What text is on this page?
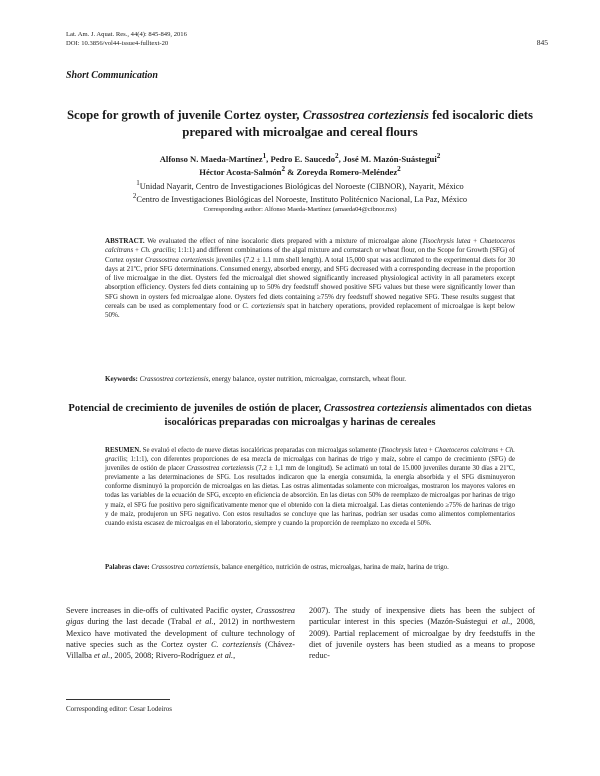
Lat. Am. J. Aquat. Res., 44(4): 845-849, 2016

DOI: 10.3856/vol44-issue4-fulltext-20	845

Short Communication

Scope for growth of juvenile Cortez oyster, Crassostrea corteziensis fed isocaloric diets prepared with microalgae and cereal flours

Alfonso N. Maeda-Martínez$^1$, Pedro E. Saucedo$^2$, José M. Mazón-Suástegui$^2$

Héctor Acosta-Salmón$^2$ & Zoreyda Romero-Meléndez$^2$

$^1$Unidad Nayarit, Centro de Investigaciones Biológicas del Noroeste (CIBNOR), Nayarit, México

$^2$Centro de Investigaciones Biológicas del Noroeste, Instituto Politécnico Nacional, La Paz, México

Corresponding author: Alfonso Maeda-Martínez (amaeda04@cibnor.mx)

ABSTRACT. We evaluated the effect of nine isocaloric diets prepared with a mixture of microalgae alone (Tisochrysis lutea + Chaetoceros calcitrans + Ch. gracilis; 1:1:1) and different combinations of the algal mixture and cornstarch or wheat flour, on the Scope for Growth (SFG) of Cortez oyster Crassostrea corteziensis juveniles (7.2 ± 1.1 mm shell length). A total 15,000 spat was acclimated to the experimental diets for 30 days at 21ºC, prior SFG determinations. Consumed energy, absorbed energy, and SFG decreased with a corresponding decrease in the proportion of live microalgae in the diet. Oysters fed the microalgal diet showed significantly increased physiological activity in all parameters except absorption efficiency. Oysters fed diets containing up to 50% dry feedstuff showed positive SFG values but these were significantly lower than SFG shown in oysters fed microalgae alone. Oysters fed diets containing ≥75% dry feedstuff showed negative SFG. These results suggest that cereals can be used as complementary food or C. corteziensis spat in hatchery operations, provided replacement of microalgae is kept below 50%.

Keywords: Crassostrea corteziensis, energy balance, oyster nutrition, microalgae, cornstarch, wheat flour.

Potencial de crecimiento de juveniles de ostión de placer, Crassostrea corteziensis alimentados con dietas isocalóricas preparadas con microalgas y harinas de cereales

RESUMEN. Se evaluó el efecto de nueve dietas isocalóricas preparadas con microalgas solamente (Tisochrysis lutea + Chaetoceros calcitrans + Ch. gracilis; 1:1:1), con diferentes proporciones de esa mezcla de microalgas con harinas de trigo y maíz, sobre el campo de crecimiento (SFG) de juveniles de ostión de placer Crassostrea corteziensis (7,2 ± 1,1 mm de longitud). Se aclimató un total de 15.000 juveniles durante 30 días a 21ºC, previamente a las determinaciones de SFG. Los resultados indicaron que la energía consumida, la energía absorbida y el SFG disminuyeron conforme disminuyó la proporción de microalgas en las dietas. Las ostras alimentadas solamente con microalgas, mostraron los mayores valores en todas las variables de la ecuación de SFG, excepto en eficiencia de absorción. En las dietas con 50% de reemplazo de microalgas por harinas de trigo y maíz, el SFG fue positivo pero significativamente menor que el obtenido con la dieta microalgal. Las dietas conteniendo ≥75% de harinas de trigo y de maíz, produjeron un SFG negativo. Con estos resultados se concluye que las harinas, podrían ser usadas como alimentos complementarios cuando exista escasez de microalgas en el laboratorio, siempre y cuando la proporción de reemplazo no exceda el 50%.

Palabras clave: Crassostrea corteziensis, balance energético, nutrición de ostras, microalgas, harina de maíz, harina de trigo.

Severe increases in die-offs of cultivated Pacific oyster, Crassostrea gigas during the last decade (Trabal et al., 2012) in northwestern Mexico have motivated the development of culture technology of native species such as the Cortez oyster C. corteziensis (Chávez-Villalba et al., 2005, 2008; Rivero-Rodríguez et al.,

2007). The study of inexpensive diets has been the subject of particular interest in this species (Mazón-Suástegui et al., 2008, 2009). Partial replacement of microalgae by dry feedstuffs in the diet of juvenile oysters has been studied as a means to propose reduc-

Corresponding editor: Cesar Lodeiros
